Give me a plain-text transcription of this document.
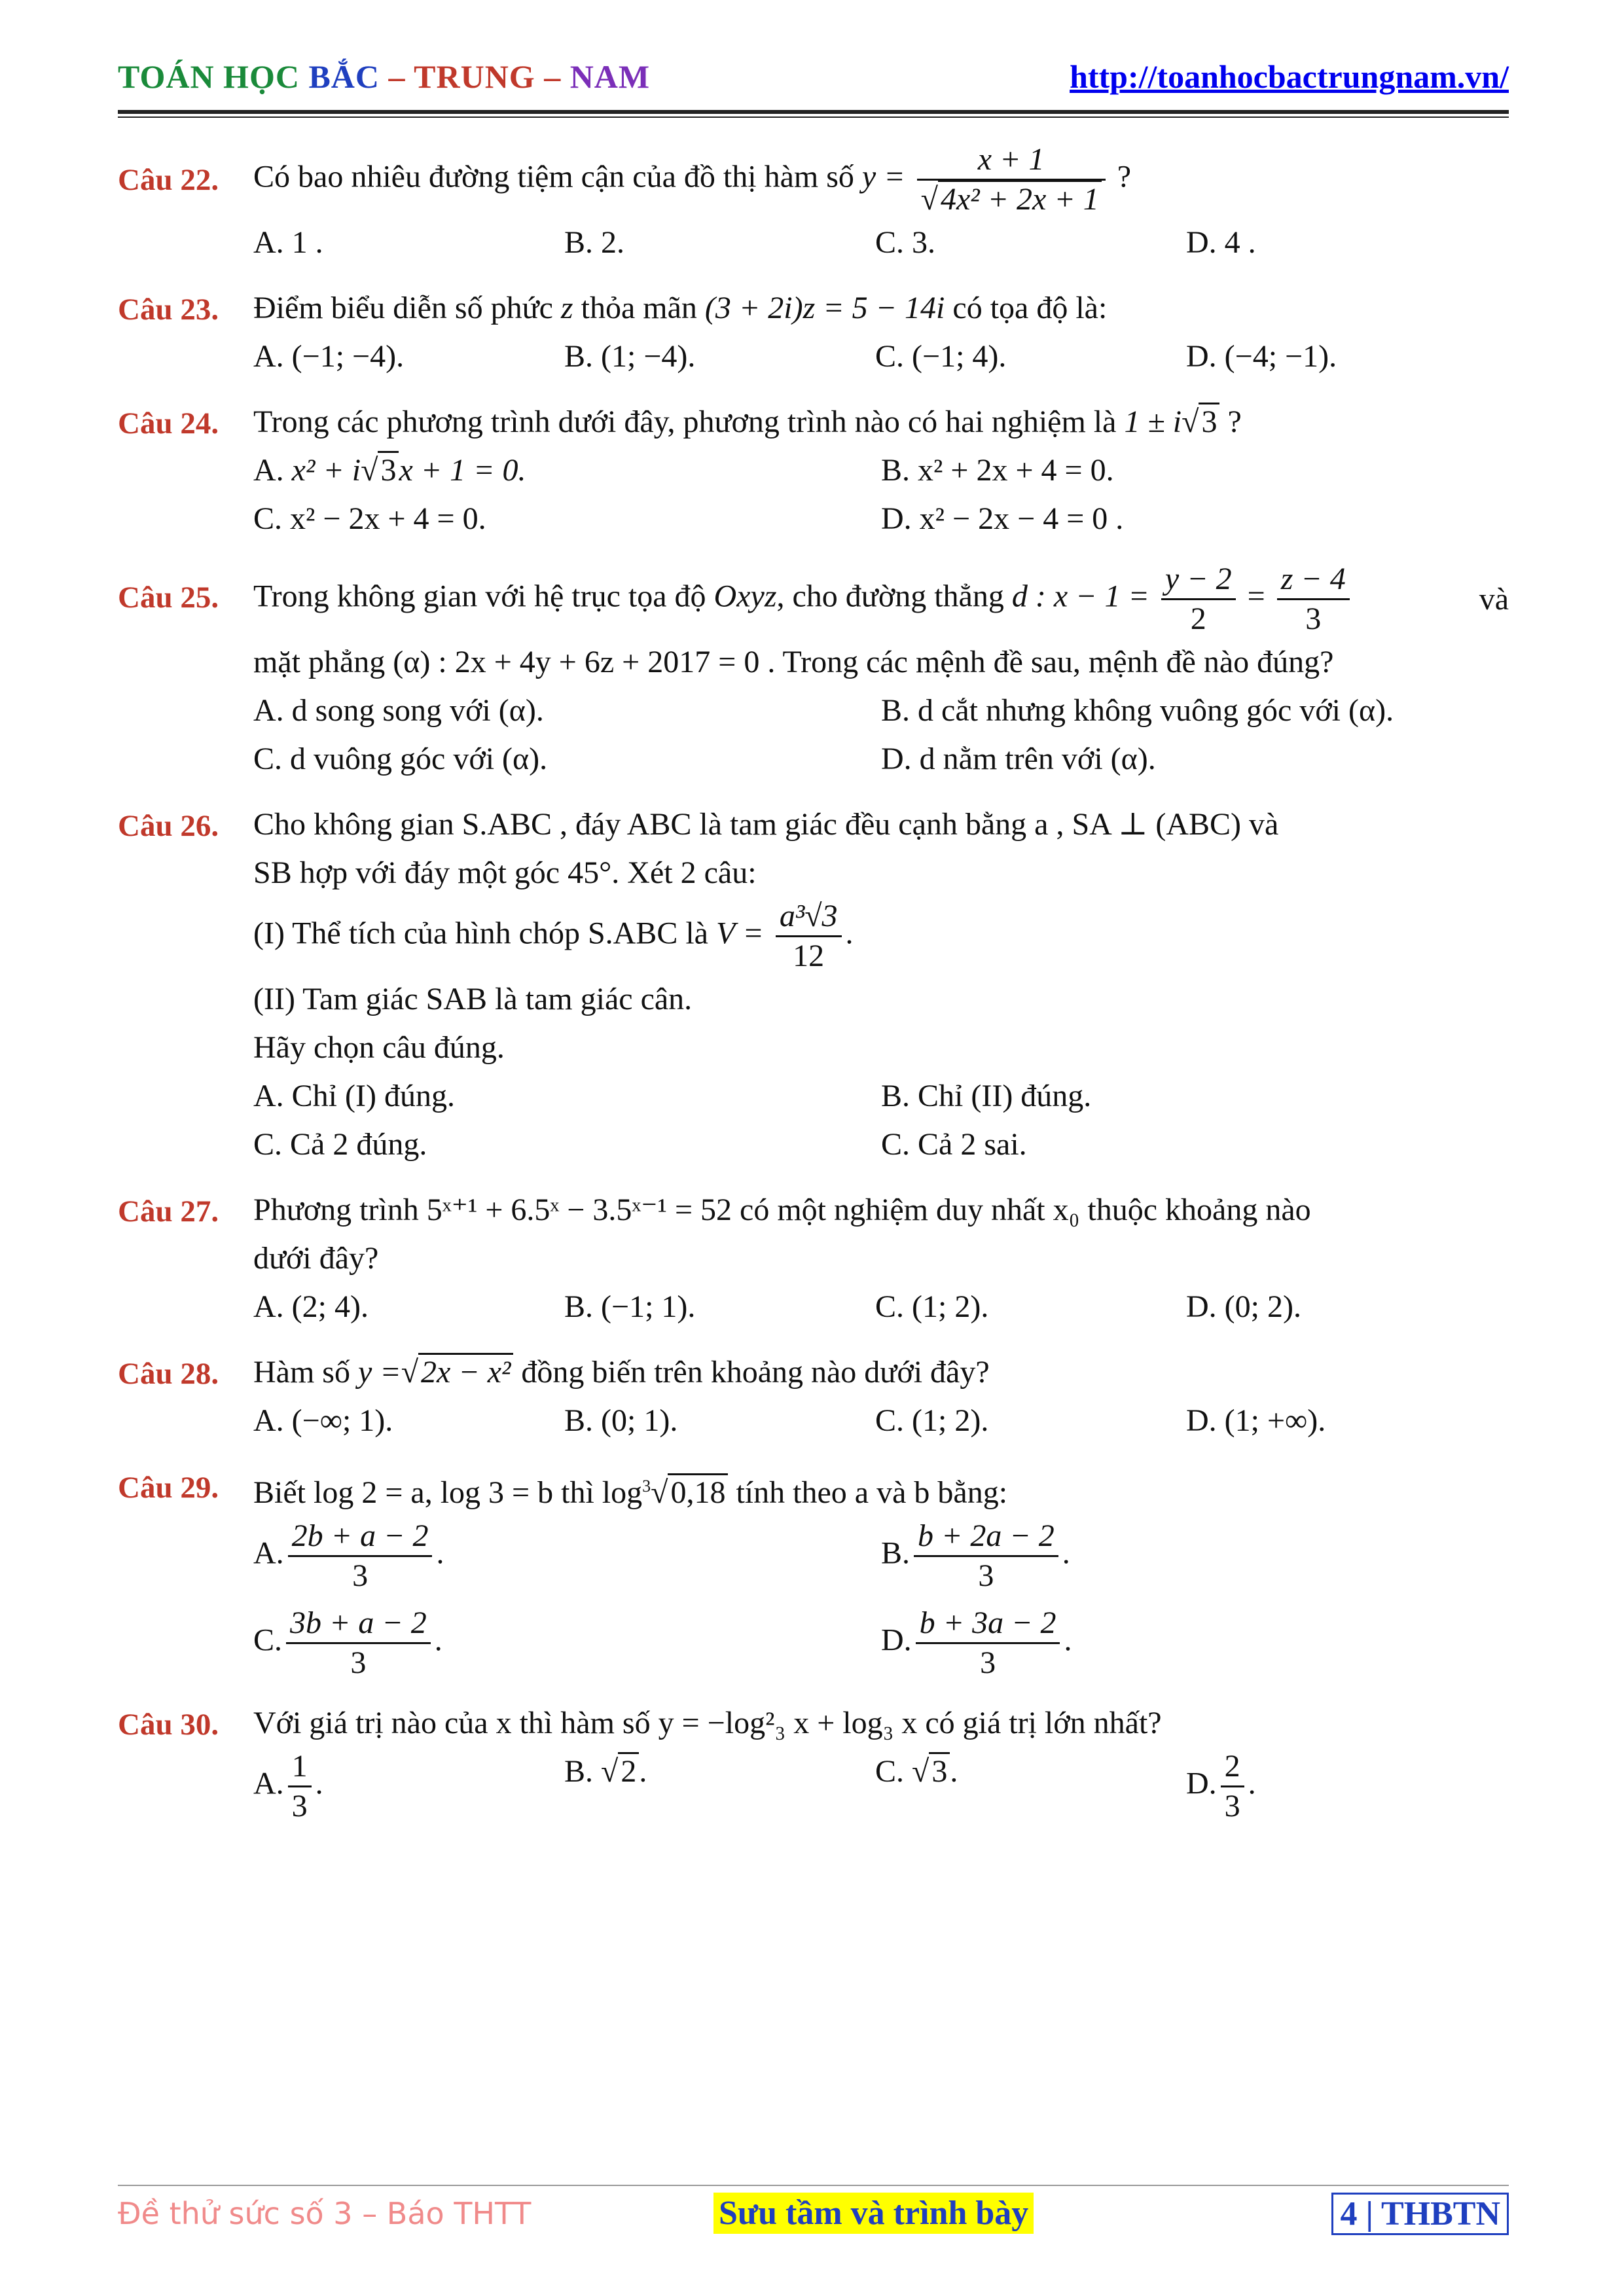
TOÁN HỌC BẮC – TRUNG – NAM	http://toanhocbactrungnam.vn/
Câu 22. Có bao nhiêu đường tiệm cận của đồ thị hàm số $y = \frac{x + 1}{\text{√4x² + 2x + 1}}$ ?
A. 1 .	B. 2.	C. 3.	D. 4 .
Câu 23. Điểm biểu diễn số phức z thỏa mãn (3 + 2i)z = 5 − 14i có tọa độ là:
A. (−1; −4).	B. (1; −4).	C. (−1; 4).	D. (−4; −1).
Câu 24. Trong các phương trình dưới đây, phương trình nào có hai nghiệm là 1 ± i√3 ?
A. x² + i√3x + 1 = 0.	B. x² + 2x + 4 = 0.
C. x² − 2x + 4 = 0.	D. x² − 2x − 4 = 0 .
Câu 25. Trong không gian với hệ trục tọa độ Oxyz, cho đường thẳng d : $x - 1 = \frac{y - 2}{2} = \frac{z - 4}{3}$	và
mặt phẳng (α) : 2x + 4y + 6z + 2017 = 0 . Trong các mệnh đề sau, mệnh đề nào đúng?
A. d song song với (α).	B. d cắt nhưng không vuông góc với (α).
C. d vuông góc với (α).	D. d nằm trên với (α).
Câu 26. Cho không gian S.ABC , đáy ABC là tam giác đều cạnh bằng a , SA ⊥ (ABC) và
SB hợp với đáy một góc 45°. Xét 2 câu:
(I) Thể tích của hình chóp S.ABC là $V = \frac{\text{a³√3}}{12}$ .
(II) Tam giác SAB là tam giác cân.
Hãy chọn câu đúng.
A. Chỉ (I) đúng.	B. Chỉ (II) đúng.
C. Cả 2 đúng.	C. Cả 2 sai.
Câu 27. Phương trình 5ˣ⁺¹ + 6.5ˣ − 3.5ˣ⁻¹ = 52 có một nghiệm duy nhất x₀ thuộc khoảng nào
dưới đây?
A. (2; 4).	B. (−1; 1).	C. (1; 2).	D. (0; 2).
Câu 28. Hàm số y =√2x − x² đồng biến trên khoảng nào dưới đây?
A. (−∞; 1).	B. (0; 1).	C. (1; 2).	D. (1; +∞).
Câu 29. Biết log 2 = a, log 3 = b thì $\log^3√0,18$ tính theo a và b bằng:
A. $\frac{2b + a - 2}{3}$ .	B. $\frac{b + 2a - 2}{3}$ .
C. $\frac{3b + a - 2}{3}$ .	D. $\frac{b + 3a - 2}{3}$ .
Câu 30. Với giá trị nào của x thì hàm số y = −log²₃ x + log₃ x có giá trị lớn nhất?
A. $\frac{1}{3}$ .	B. √2.	C. √3.	D. $\frac{2}{3}$ .
Đề thử sức số 3 – Báo THTT	Sưu tầm và trình bày	4 | THBTN
